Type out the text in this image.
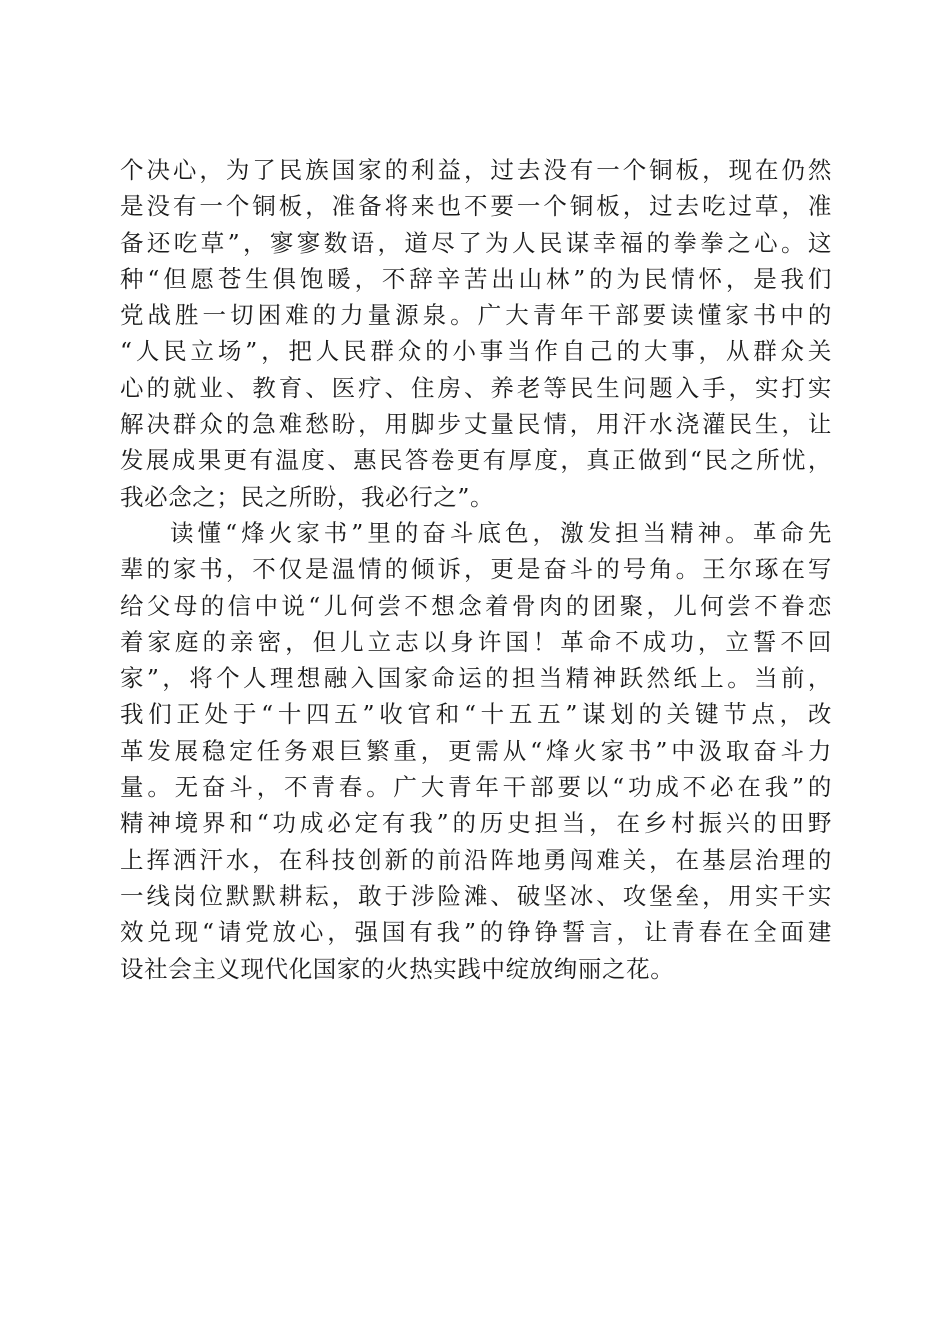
个决心，为了民族国家的利益，过去没有一个铜板，现在仍然
是没有一个铜板，准备将来也不要一个铜板，过去吃过草，准
备还吃草”，寥寥数语，道尽了为人民谋幸福的拳拳之心。这
种“但愿苍生俱饱暖，不辞辛苦出山林”的为民情怀，是我们
党战胜一切困难的力量源泉。广大青年干部要读懂家书中的
“人民立场”，把人民群众的小事当作自己的大事，从群众关
心的就业、教育、医疗、住房、养老等民生问题入手，实打实
解决群众的急难愁盼，用脚步丈量民情，用汗水浇灌民生，让
发展成果更有温度、惠民答卷更有厚度，真正做到“民之所忧，
我必念之；民之所盼，我必行之”。
读懂“烽火家书”里的奋斗底色，激发担当精神。革命先
辈的家书，不仅是温情的倾诉，更是奋斗的号角。王尔琢在写
给父母的信中说“儿何尝不想念着骨肉的团聚，儿何尝不眷恋
着家庭的亲密，但儿立志以身许国！革命不成功，立誓不回
家”，将个人理想融入国家命运的担当精神跃然纸上。当前，
我们正处于“十四五”收官和“十五五”谋划的关键节点，改
革发展稳定任务艰巨繁重，更需从“烽火家书”中汲取奋斗力
量。无奋斗，不青春。广大青年干部要以“功成不必在我”的
精神境界和“功成必定有我”的历史担当，在乡村振兴的田野
上挥洒汗水，在科技创新的前沿阵地勇闯难关，在基层治理的
一线岗位默默耕耘，敢于涉险滩、破坚冰、攻堡垒，用实干实
效兑现“请党放心，强国有我”的铮铮誓言，让青春在全面建
设社会主义现代化国家的火热实践中绽放绚丽之花。
